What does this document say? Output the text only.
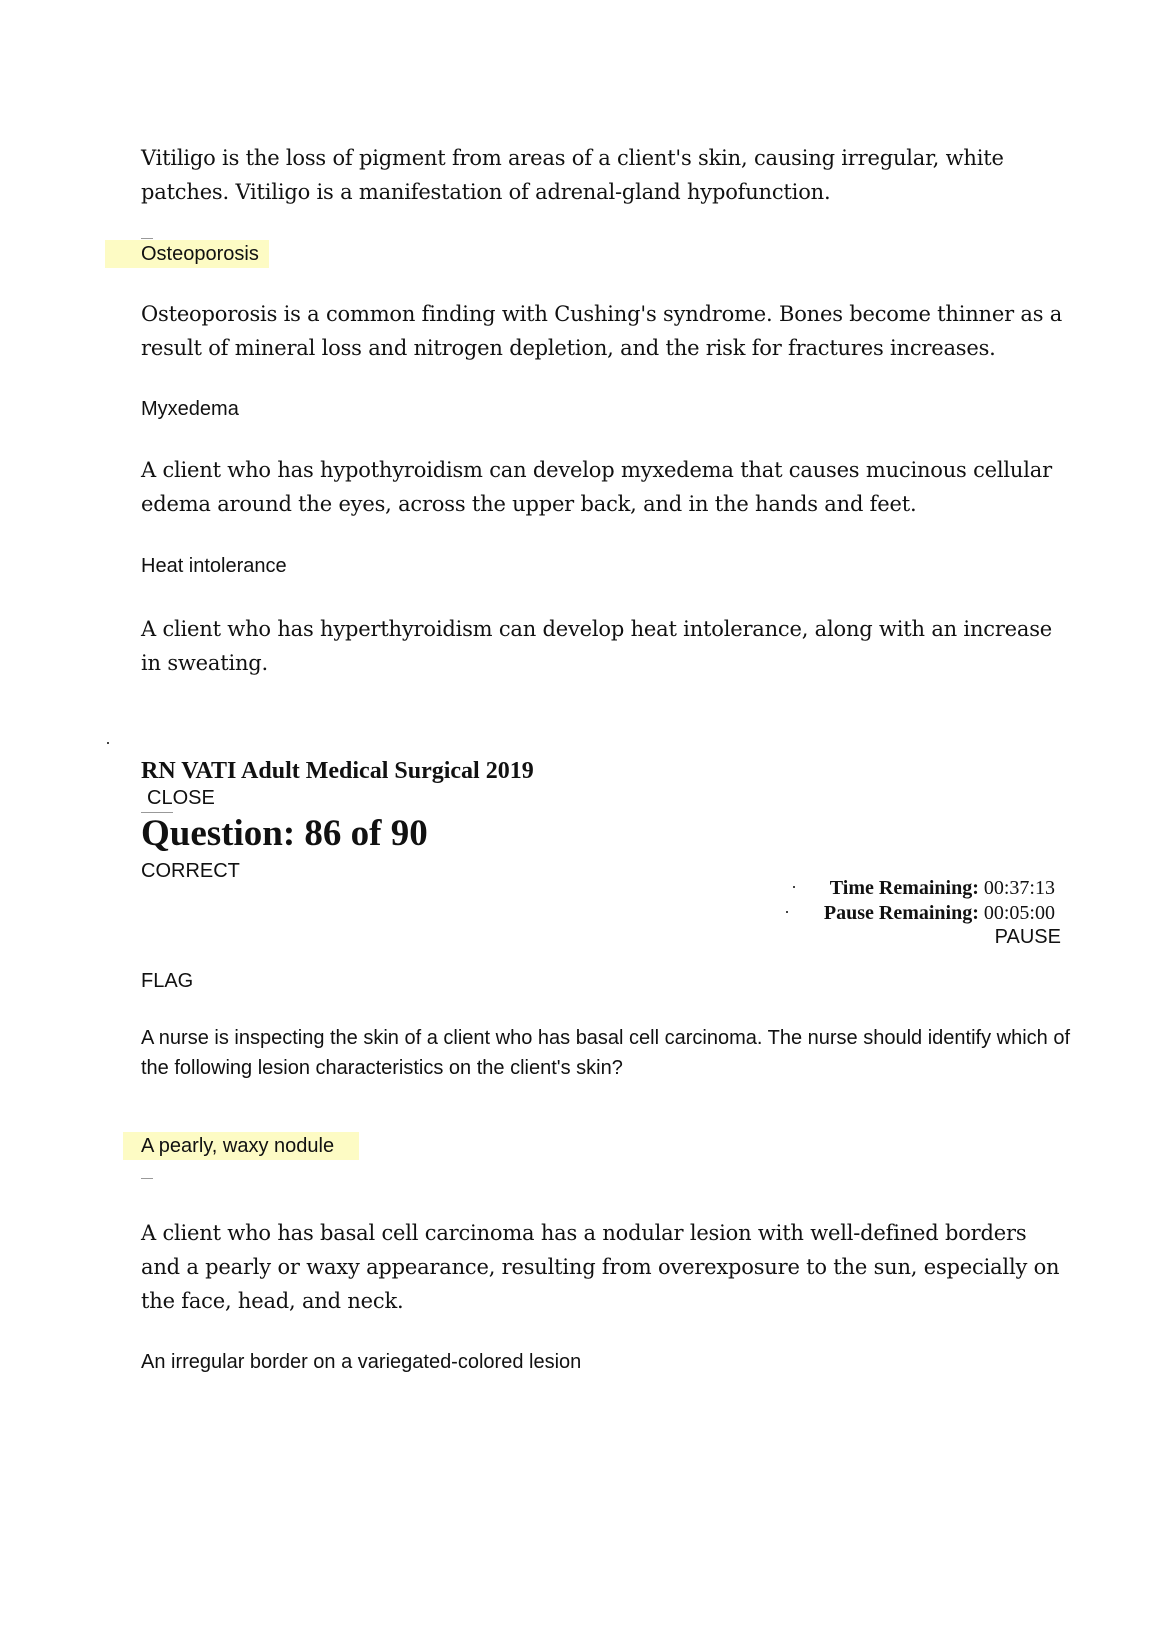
Vitiligo is the loss of pigment from areas of a client's skin, causing irregular, white patches. Vitiligo is a manifestation of adrenal-gland hypofunction.

Osteoporosis

Osteoporosis is a common finding with Cushing's syndrome. Bones become thinner as a result of mineral loss and nitrogen depletion, and the risk for fractures increases.

Myxedema

A client who has hypothyroidism can develop myxedema that causes mucinous cellular edema around the eyes, across the upper back, and in the hands and feet.

Heat intolerance

A client who has hyperthyroidism can develop heat intolerance, along with an increase in sweating.

RN VATI Adult Medical Surgical 2019
CLOSE
Question: 86 of 90
CORRECT
Time Remaining: 00:37:13
Pause Remaining: 00:05:00
PAUSE
FLAG

A nurse is inspecting the skin of a client who has basal cell carcinoma. The nurse should identify which of the following lesion characteristics on the client's skin?

A pearly, waxy nodule

A client who has basal cell carcinoma has a nodular lesion with well-defined borders and a pearly or waxy appearance, resulting from overexposure to the sun, especially on the face, head, and neck.

An irregular border on a variegated-colored lesion
